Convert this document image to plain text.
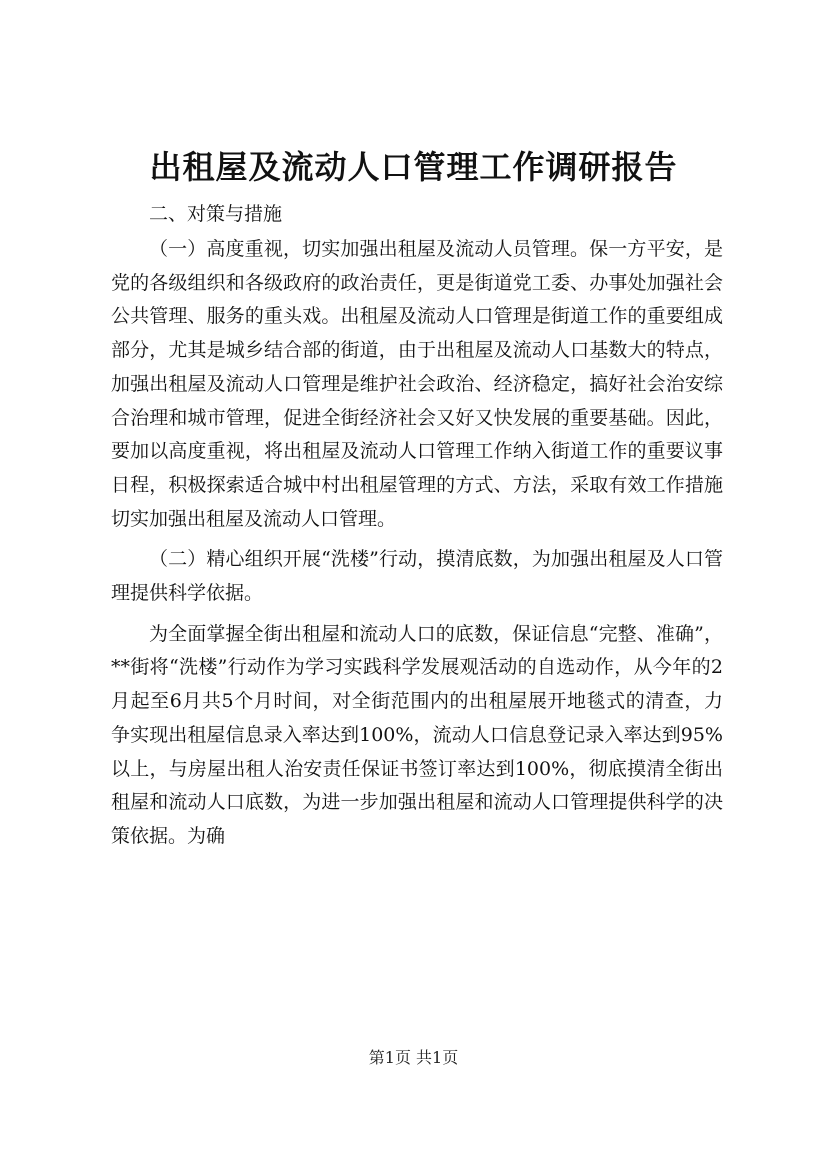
出租屋及流动人口管理工作调研报告

二、对策与措施

（一）高度重视，切实加强出租屋及流动人员管理。保一方平安，是党的各级组织和各级政府的政治责任，更是街道党工委、办事处加强社会公共管理、服务的重头戏。出租屋及流动人口管理是街道工作的重要组成部分，尤其是城乡结合部的街道，由于出租屋及流动人口基数大的特点，加强出租屋及流动人口管理是维护社会政治、经济稳定，搞好社会治安综合治理和城市管理，促进全街经济社会又好又快发展的重要基础。因此，要加以高度重视，将出租屋及流动人口管理工作纳入街道工作的重要议事日程，积极探索适合城中村出租屋管理的方式、方法，采取有效工作措施切实加强出租屋及流动人口管理。

（二）精心组织开展“洗楼”行动，摸清底数，为加强出租屋及人口管理提供科学依据。

为全面掌握全街出租屋和流动人口的底数，保证信息“完整、准确”，**街将“洗楼”行动作为学习实践科学发展观活动的自选动作，从今年的2月起至6月共5个月时间，对全街范围内的出租屋展开地毯式的清查，力争实现出租屋信息录入率达到100%，流动人口信息登记录入率达到95%以上，与房屋出租人治安责任保证书签订率达到100%，彻底摸清全街出租屋和流动人口底数，为进一步加强出租屋和流动人口管理提供科学的决策依据。为确

第1页 共1页
